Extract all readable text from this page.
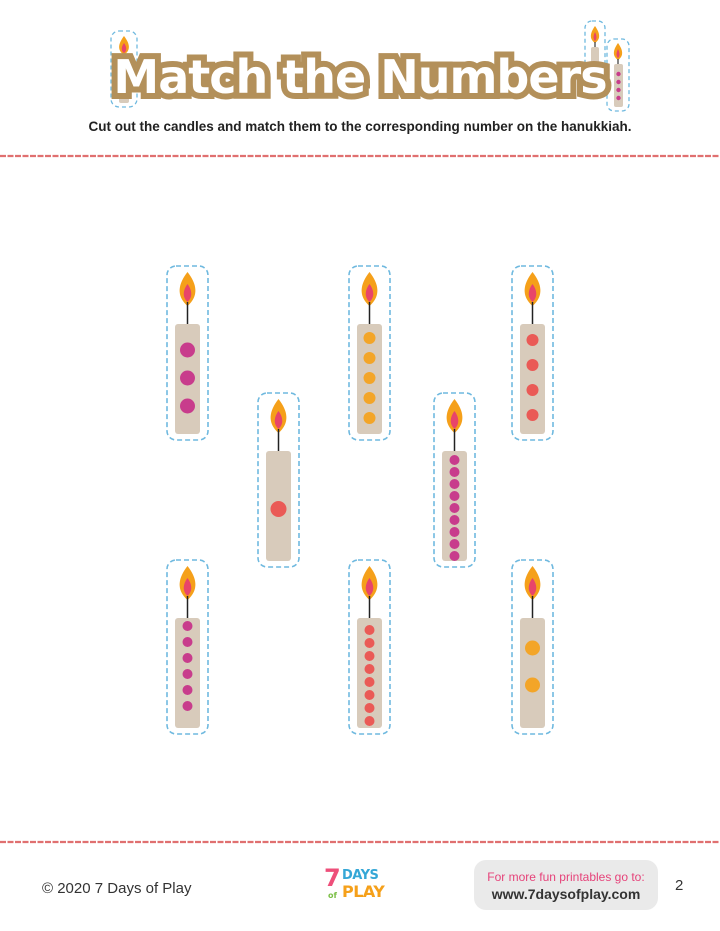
Match the Numbers
Cut out the candles and match them to the corresponding number on the hanukkiah.
© 2020 7 Days of Play	7 DAYS
of PLAY
For more fun printables go to:
www.7daysofplay.com	2
